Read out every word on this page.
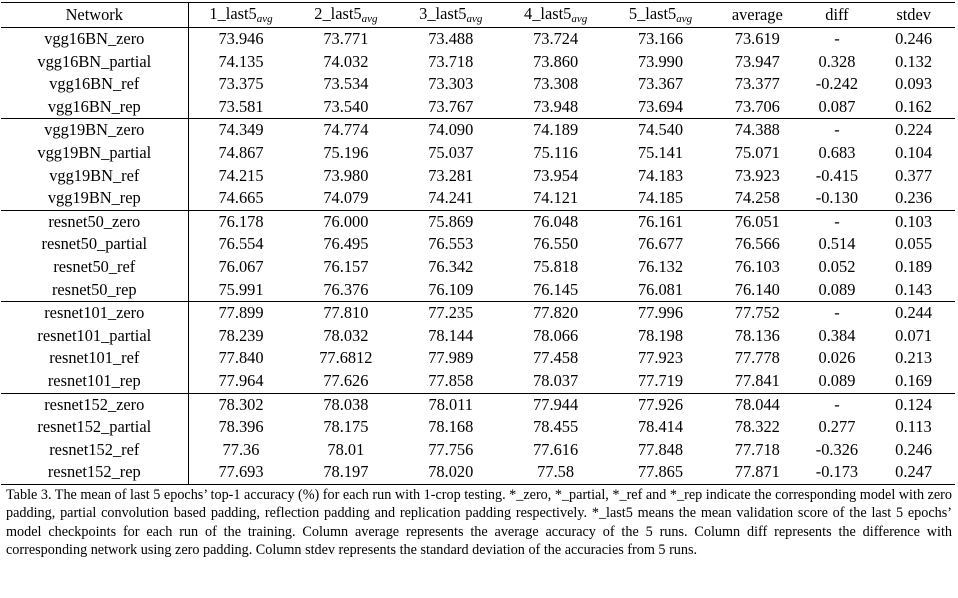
Network	$1\_last5_{avg}$	$2\_last5_{avg}$	$3\_last5_{avg}$	$4\_last5_{avg}$	$5\_last5_{avg}$	average	diff	stdev
vgg16BN_zero	73.946	73.771	73.488	73.724	73.166	73.619	-	0.246
vgg16BN_partial	74.135	74.032	73.718	73.860	73.990	73.947	0.328	0.132
vgg16BN_ref	73.375	73.534	73.303	73.308	73.367	73.377	-0.242	0.093
vgg16BN_rep	73.581	73.540	73.767	73.948	73.694	73.706	0.087	0.162
vgg19BN_zero	74.349	74.774	74.090	74.189	74.540	74.388	-	0.224
vgg19BN_partial	74.867	75.196	75.037	75.116	75.141	75.071	0.683	0.104
vgg19BN_ref	74.215	73.980	73.281	73.954	74.183	73.923	-0.415	0.377
vgg19BN_rep	74.665	74.079	74.241	74.121	74.185	74.258	-0.130	0.236
resnet50_zero	76.178	76.000	75.869	76.048	76.161	76.051	-	0.103
resnet50_partial	76.554	76.495	76.553	76.550	76.677	76.566	0.514	0.055
resnet50_ref	76.067	76.157	76.342	75.818	76.132	76.103	0.052	0.189
resnet50_rep	75.991	76.376	76.109	76.145	76.081	76.140	0.089	0.143
resnet101_zero	77.899	77.810	77.235	77.820	77.996	77.752	-	0.244
resnet101_partial	78.239	78.032	78.144	78.066	78.198	78.136	0.384	0.071
resnet101_ref	77.840	77.6812	77.989	77.458	77.923	77.778	0.026	0.213
resnet101_rep	77.964	77.626	77.858	78.037	77.719	77.841	0.089	0.169
resnet152_zero	78.302	78.038	78.011	77.944	77.926	78.044	-	0.124
resnet152_partial	78.396	78.175	78.168	78.455	78.414	78.322	0.277	0.113
resnet152_ref	77.36	78.01	77.756	77.616	77.848	77.718	-0.326	0.246
resnet152_rep	77.693	78.197	78.020	77.58	77.865	77.871	-0.173	0.247
Table 3. The mean of last 5 epochs’ top-1 accuracy (%) for each run with 1-crop testing. *_zero, *_partial, *_ref and *_rep indicate the corresponding model with zero padding, partial convolution based padding, reflection padding and replication padding respectively. *_last5 means the mean validation score of the last 5 epochs’ model checkpoints for each run of the training. Column average represents the average accuracy of the 5 runs. Column diff represents the difference with corresponding network using zero padding. Column stdev represents the standard deviation of the accuracies from 5 runs.
